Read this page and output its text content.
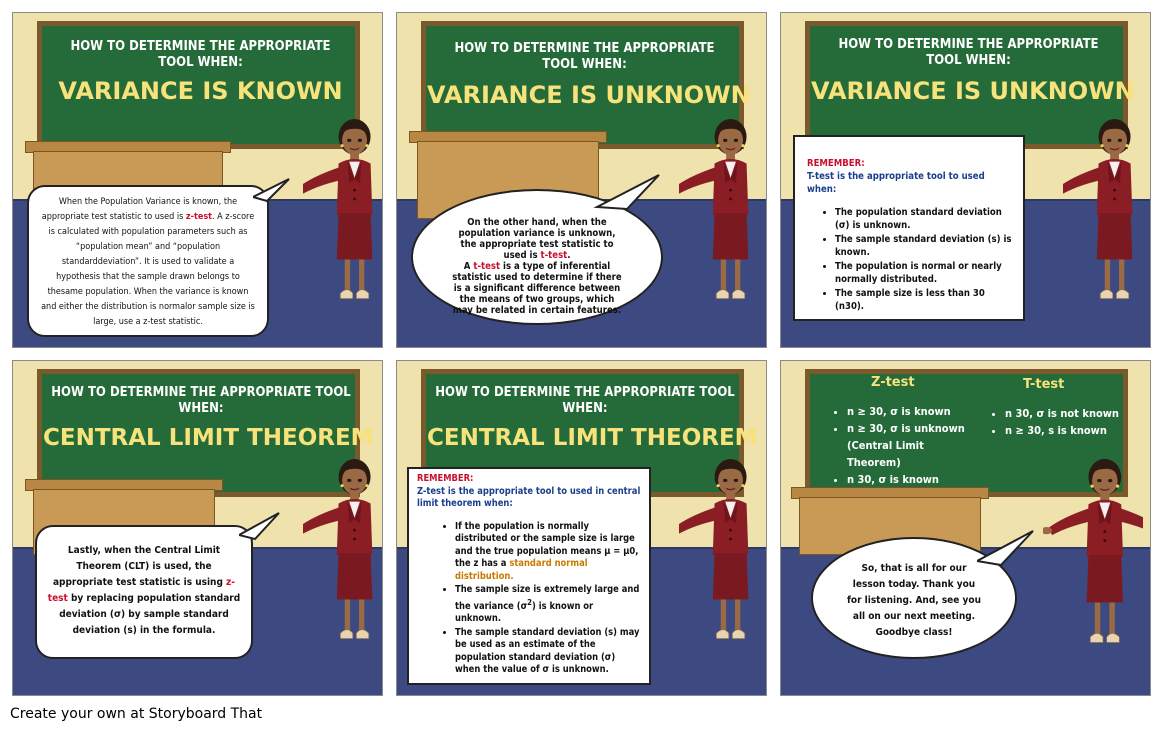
HOW TO DETERMINE THE APPROPRIATE TOOL WHEN:
VARIANCE IS KNOWN
When the Population Variance is known, the appropriate test statistic to used is z-test. A z-score is calculated with population parameters such as “population mean” and “population standarddeviation”. It is used to validate a hypothesis that the sample drawn belongs to thesame population. When the variance is known and either the distribution is normalor sample size is large, use a z-test statistic.
HOW TO DETERMINE THE APPROPRIATE TOOL WHEN:
VARIANCE IS UNKNOWN
On the other hand, when the population variance is unknown, the appropriate test statistic to used is t-test.
A t-test is a type of inferential statistic used to determine if there is a significant difference between the means of two groups, which may be related in certain features.
HOW TO DETERMINE THE APPROPRIATE TOOL WHEN:
VARIANCE IS UNKNOWN
REMEMBER:
T-test is the appropriate tool to used when:
• The population standard deviation (σ) is unknown.
• The sample standard deviation (s) is known.
• The population is normal or nearly normally distributed.
• The sample size is less than 30 (n30).
HOW TO DETERMINE THE APPROPRIATE TOOL WHEN:
CENTRAL LIMIT THEOREM
Lastly, when the Central Limit Theorem (CLT) is used, the appropriate test statistic is using z-test by replacing population standard deviation (σ) by sample standard deviation (s) in the formula.
HOW TO DETERMINE THE APPROPRIATE TOOL WHEN:
CENTRAL LIMIT THEOREM
REMEMBER:
Z-test is the appropriate tool to used in central limit theorem when:
• If the population is normally distributed or the sample size is large and the true population means μ = μ0, the z has a standard normal distribution.
• The sample size is extremely large and the variance $(\sigma^2)$ is known or unknown.
• The sample standard deviation (s) may be used as an estimate of the population standard deviation (σ) when the value of σ is unknown.
Z-test	T-test
• n ≥ 30, σ is known
• n ≥ 30, σ is unknown (Central Limit Theorem)
• n 30, σ is known
• n 30, σ is not known
• n ≥ 30, s is known
So, that is all for our lesson today. Thank you for listening. And, see you all on our next meeting. Goodbye class!
Create your own at Storyboard That
